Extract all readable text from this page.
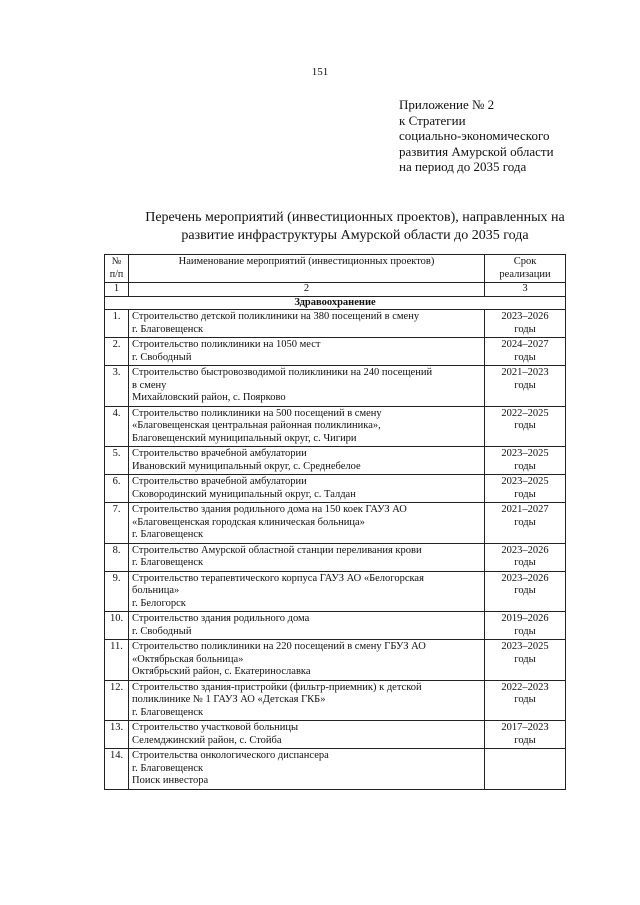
151
Приложение № 2
к Стратегии
социально-экономического
развития Амурской области
на период до 2035 года
Перечень мероприятий (инвестиционных проектов), направленных на
развитие инфраструктуры Амурской области до 2035 года
№
п/п	Наименование мероприятий (инвестиционных проектов)	Срок
реализации

1	2	3
Здравоохранение		
1.	Строительство детской поликлиники на 380 посещений в смену
г. Благовещенск	2023–2026
годы

2.	Строительство поликлиники на 1050 мест
г. Свободный	2024–2027
годы

3.	Строительство быстровозводимой поликлиники на 240 посещений
в смену
Михайловский район, с. Поярково	2021–2023
годы

4.	Строительство поликлиники на 500 посещений в смену
«Благовещенская центральная районная поликлиника»,
Благовещенский муниципальный округ, с. Чигири	2022–2025
годы

5.	Строительство врачебной амбулатории
Ивановский муниципальный округ, с. Среднебелое	2023–2025
годы

6.	Строительство врачебной амбулатории
Сковородинский муниципальный округ, с. Талдан	2023–2025
годы

7.	Строительство здания родильного дома на 150 коек ГАУЗ АО
«Благовещенская городская клиническая больница»
г. Благовещенск	2021–2027
годы

8.	Строительство Амурской областной станции переливания крови
г. Благовещенск	2023–2026
годы

9.	Строительство терапевтического корпуса ГАУЗ АО «Белогорская
больница»
г. Белогорск	2023–2026
годы

10.	Строительство здания родильного дома
г. Свободный	2019–2026
годы

11.	Строительство поликлиники на 220 посещений в смену ГБУЗ АО
«Октябрьская больница»
Октябрьский район, с. Екатеринославка	2023–2025
годы

12.	Строительство здания-пристройки (фильтр-приемник) к детской
поликлинике № 1 ГАУЗ АО «Детская ГКБ»
г. Благовещенск	2022–2023
годы

13.	Строительство участковой больницы
Селемджинский район, с. Стойба	2017–2023
годы

14.	Строительства онкологического диспансера
г. Благовещенск
Поиск инвестора	
